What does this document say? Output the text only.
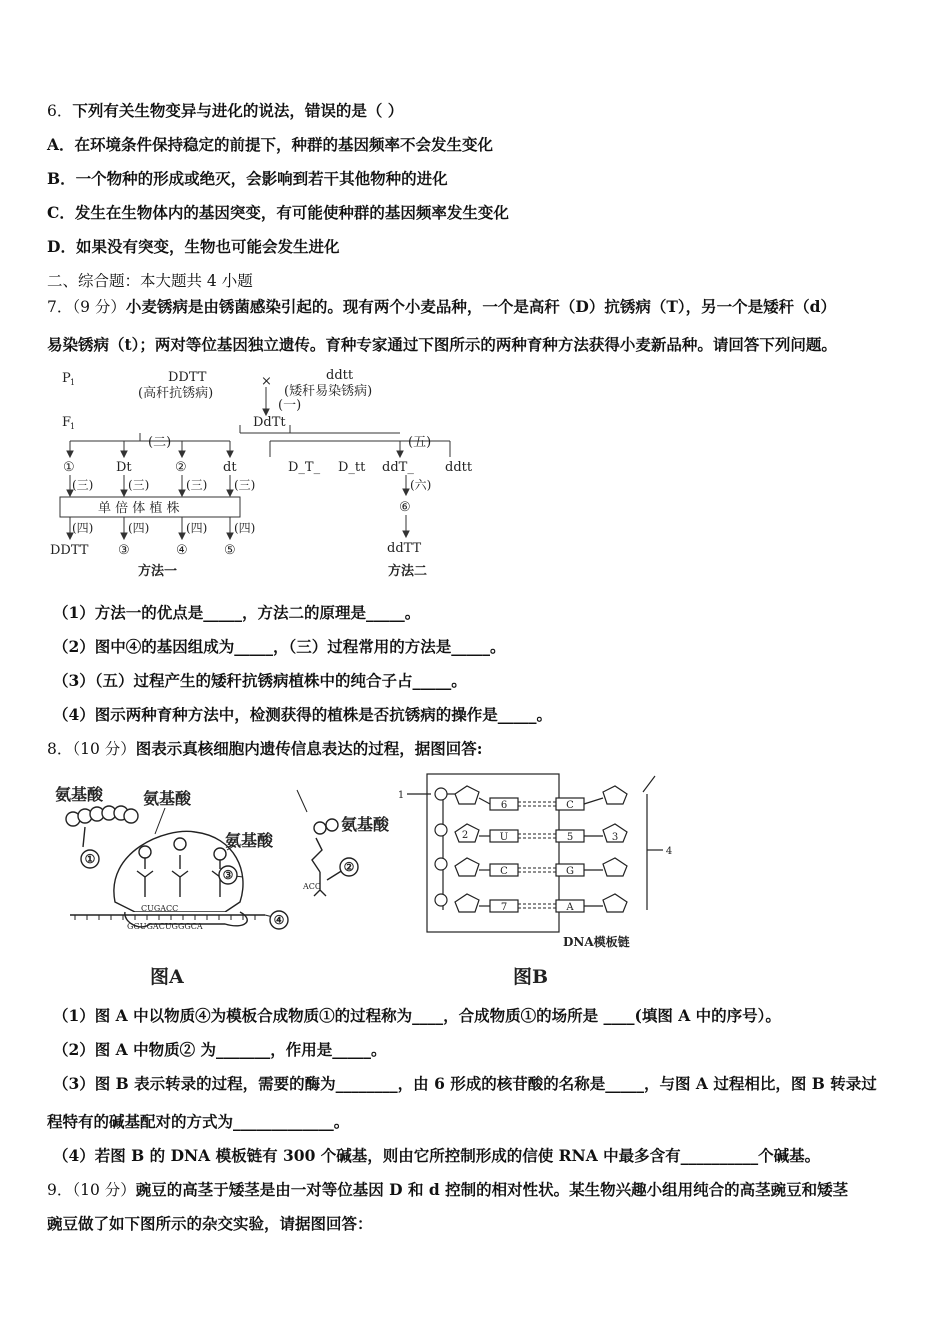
6．下列有关生物变异与进化的说法，错误的是（ ）
A．在环境条件保持稳定的前提下，种群的基因频率不会发生变化
B．一个物种的形成或绝灭，会影响到若干其他物种的进化
C．发生在生物体内的基因突变，有可能使种群的基因频率发生变化
D．如果没有突变，生物也可能会发生进化
二、综合题：本大题共 4 小题
7．（9 分）小麦锈病是由锈菌感染引起的。现有两个小麦品种，一个是高秆（D）抗锈病（T），另一个是矮秆（d）
易染锈病（t）；两对等位基因独立遗传。育种专家通过下图所示的两种育种方法获得小麦新品种。请回答下列问题。
P 1	DDTT
(高秆抗锈病)
×	ddtt
(矮秆易染锈病)
(一)
F
1	DdTt
(二)	(五)
①	Dt	②	dt
(三)	(三)	(三) (三)
单 倍 体 植 株
(四)	(四)	(四) (四)
DDTT ③	④	⑤
D_T_ D_tt ddT_ ddtt
(六)
⑥
ddTT
方法一	方法二
（1）方法一的优点是_____，方法二的原理是_____。
（2）图中④的基因组成为_____，（三）过程常用的方法是_____。
（3）（五）过程产生的矮秆抗锈病植株中的纯合子占_____。
（4）图示两种育种方法中，检测获得的植株是否抗锈病的操作是_____。
8．（10 分）图表示真核细胞内遗传信息表达的过程，据图回答:
氨基酸 氨基酸
氨基酸
氨基酸
①
②
③
④
CUGACC
GGUGACUGGGCA
ACC
图A
6
U
C
7
C
5
G
A
1
2	3
4
DNA模板链
图B
（1）图 A 中以物质④为模板合成物质①的过程称为____，合成物质①的场所是 ____(填图 A 中的序号）。
（2）图 A 中物质② 为_______，作用是_____。
（3）图 B 表示转录的过程，需要的酶为________，由 6 形成的核苷酸的名称是_____，与图 A 过程相比，图 B 转录过
程特有的碱基配对的方式为_____________。
（4）若图 B 的 DNA 模板链有 300 个碱基，则由它所控制形成的信使 RNA 中最多含有__________个碱基。
9．（10 分）豌豆的高茎于矮茎是由一对等位基因 D 和 d 控制的相对性状。某生物兴趣小组用纯合的高茎豌豆和矮茎
豌豆做了如下图所示的杂交实验，请据图回答：
